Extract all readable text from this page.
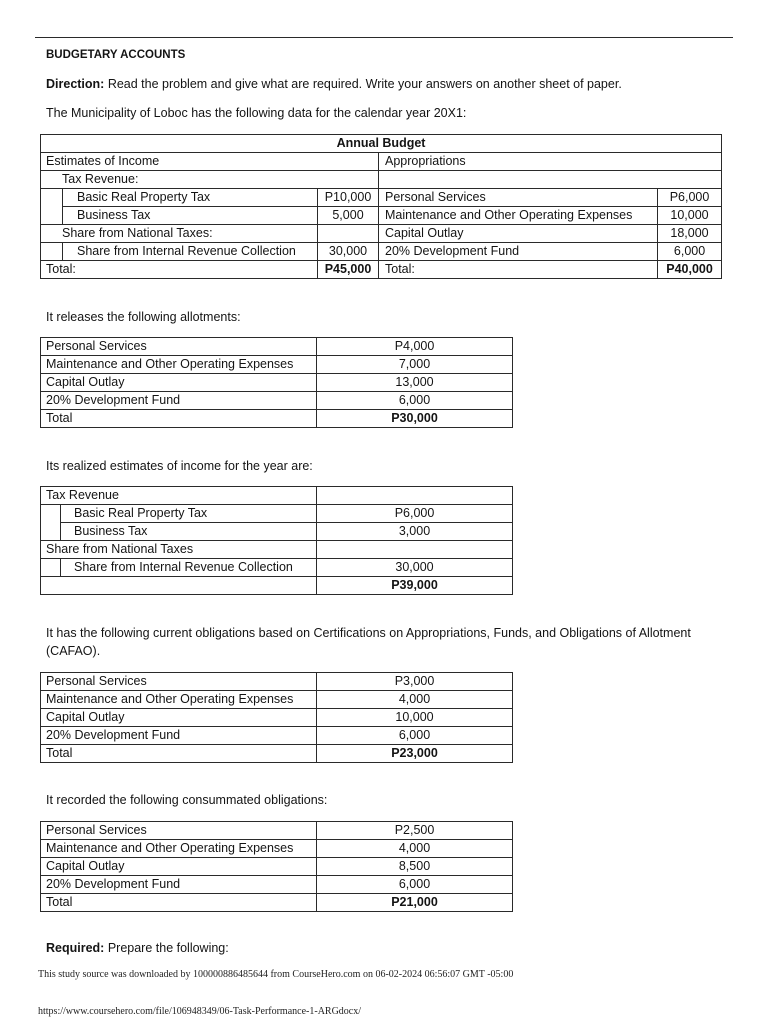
BUDGETARY ACCOUNTS
Direction: Read the problem and give what are required. Write your answers on another sheet of paper.
The Municipality of Loboc has the following data for the calendar year 20X1:
Annual Budget				
Estimates of Income			Appropriations	
Tax Revenue:				
	Basic Real Property Tax	P10,000	Personal Services	P6,000
	Business Tax	5,000	Maintenance and Other Operating Expenses	10,000
Share from National Taxes:			Capital Outlay	18,000
	Share from Internal Revenue Collection	30,000	20% Development Fund	6,000
Total:		P45,000	Total:	P40,000
It releases the following allotments:
Personal Services	P4,000
Maintenance and Other Operating Expenses	7,000
Capital Outlay	13,000
20% Development Fund	6,000
Total	P30,000
Its realized estimates of income for the year are:
Tax Revenue		
	Basic Real Property Tax	P6,000
	Business Tax	3,000
Share from National Taxes		
	Share from Internal Revenue Collection	30,000
		P39,000
It has the following current obligations based on Certifications on Appropriations, Funds, and Obligations of Allotment (CAFAO).
Personal Services	P3,000
Maintenance and Other Operating Expenses	4,000
Capital Outlay	10,000
20% Development Fund	6,000
Total	P23,000
It recorded the following consummated obligations:
Personal Services	P2,500
Maintenance and Other Operating Expenses	4,000
Capital Outlay	8,500
20% Development Fund	6,000
Total	P21,000
Required: Prepare the following:
This study source was downloaded by 100000886485644 from CourseHero.com on 06-02-2024 06:56:07 GMT -05:00
https://www.coursehero.com/file/106948349/06-Task-Performance-1-ARGdocx/
